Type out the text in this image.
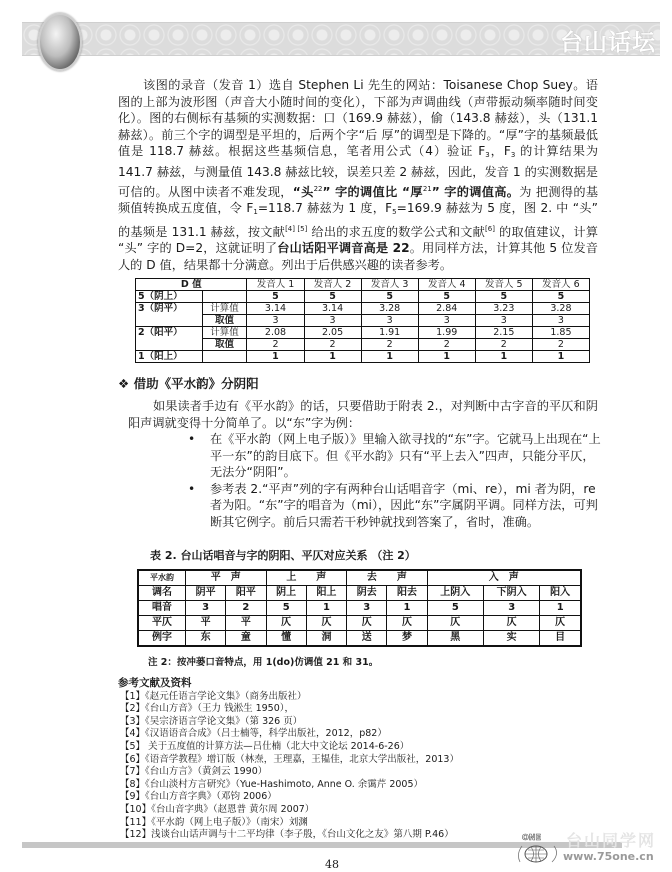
台山话坛

该图的录音（发音 1）选自 Stephen Li 先生的网站：Toisanese Chop Suey。语图的上部为波形图（声音大小随时间的变化），下部为声调曲线（声带振动频率随时间变化）。图的右侧标有基频的实测数据：口（169.9 赫兹），偷（143.8 赫兹），头（131.1 赫兹）。前三个字的调型是平坦的，后两个字“后 厚”的调型是下降的。“厚”字的基频最低值是 118.7 赫兹。根据这些基频信息，笔者用公式（4）验证 $F_3$，$F_3$ 的计算结果为 141.7 赫兹，与测量值 143.8 赫兹比较，误差只差 2 赫兹，因此，发音 1 的实测数据是可信的。从图中读者不难发现，“头$^{22}$” 字的调值比 “厚$^{21}$” 字的调值高。为 把测得的基频值转换成五度值，令 $F_1=118.7$ 赫兹为 1 度，$F_5=169.9$ 赫兹为 5 度，图 2. 中 “头” 的基频是 131.1 赫兹，按文献[4] [5] 给出的求五度的数学公式和文献[6] 的取值建议，计算 “头” 字的 D=2，这就证明了台山话阳平调音高是 22。用同样方法，计算其他 5 位发音人的 D 值，结果都十分满意。列出于后供感兴趣的读者参考。

D 值		发音人 1	发音人 2	发音人 3	发音人 4	发音人 5	发音人 6
5（阴上）		5	5	5	5	5	5
3（阴平）	计算值	3.14	3.14	3.28	2.84	3.23	3.28
	取值	3	3	3	3	3	3
2（阳平）	计算值	2.08	2.05	1.91	1.99	2.15	1.85
	取值	2	2	2	2	2	2
1（阳上）		1	1	1	1	1	1
❖ 借助《平水韵》分阴阳

如果读者手边有《平水韵》的话，只要借助于附表 2.，对判断中古字音的平仄和阴阳声调就变得十分简单了。以“东”字为例：

• 在《平水韵（网上电子版）》里输入欲寻找的“东”字。它就马上出现在“上平一东”的韵目底下。但《平水韵》只有“平上去入”四声，只能分平仄，无法分“阴阳”。
• 参考表 2.“平声”列的字有两种台山话唱音字（mi、re），mi 者为阴，re 者为阳。“东”字的唱音为（mi），因此“东”字属阴平调。同样方法，可判断其它例字。前后只需若干秒钟就找到答案了，省时，准确。
表 2. 台山话唱音与字的阴阳、平仄对应关系 （注 2）
平水韵	平　声		上　　声		去　　声		入　声		
调名	阴平	阳平	阴上	阳上	阴去	阳去	上阴入	下阴入	阳入
唱音	3	2	5	1	3	1	5	3	1
平仄	平	平	仄	仄	仄	仄	仄	仄	仄
例字	东	童	懂	洞	送	梦	黑	实	目
注 2：按冲蒌口音特点，用 1(do)仿调值 21 和 31。
参考文献及资料
【1】《赵元任语言学论文集》（商务出版社）
【2】《台山方音》（王力 钱淞生 1950），
【3】《吴宗济语言学论文集》（第 326 页）
【4】《汉语语音合成》（吕士楠等，科学出版社，2012，p82）
【5】 关于五度值的计算方法—吕仕楠（北大中文论坛 2014-6-26）
【6】《语音学教程》增订版（林焘，王理嘉，王韫佳，北京大学出版社，2013）
【7】《台山方言》（黄剑云 1990）
【8】《台山淡村方言研究》（Yue-Hashimoto, Anne O. 余霭芹 2005）
【9】《台山方音字典》（邓钧 2006）
【10】《台山音字典》（赵恩普 黄尔周 2007）
【11】《平水韵（网上电子版）》（南宋）刘渊
【12】浅谈台山话声调与十二平均律（李子殷，《台山文化之友》第八期 P.46）
48
ONE 台山同学网
www.75one.cn
